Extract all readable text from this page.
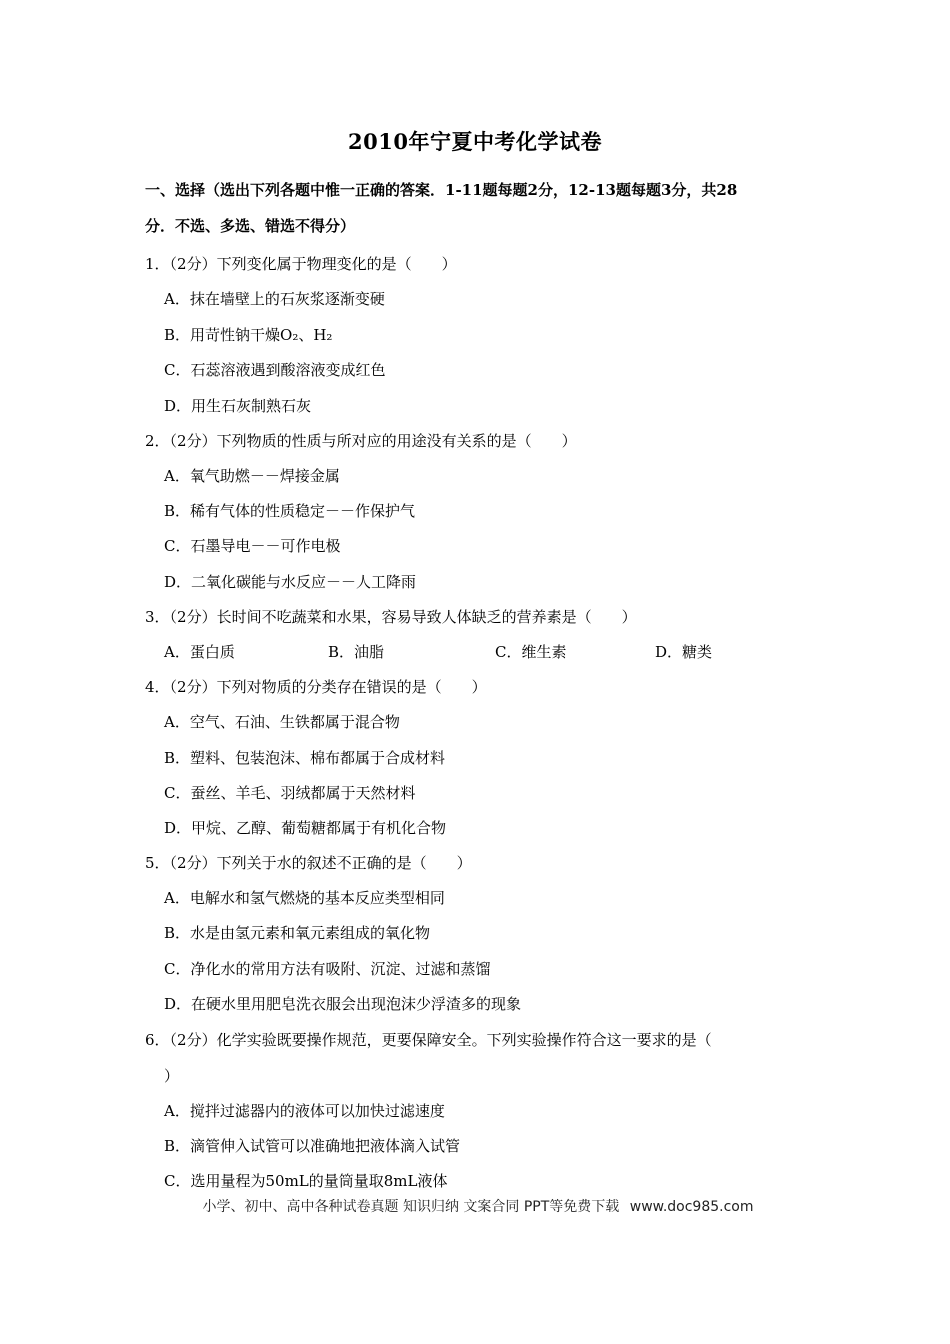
2010年宁夏中考化学试卷
一、选择（选出下列各题中惟一正确的答案．1-11题每题2分，12-13题每题3分，共28
分．不选、多选、错选不得分）
1．（2分）下列变化属于物理变化的是（　　）
A．抹在墙壁上的石灰浆逐渐变硬
B．用苛性钠干燥O₂、H₂
C．石蕊溶液遇到酸溶液变成红色
D．用生石灰制熟石灰
2．（2分）下列物质的性质与所对应的用途没有关系的是（　　）
A．氧气助燃－－焊接金属
B．稀有气体的性质稳定－－作保护气
C．石墨导电－－可作电极
D．二氧化碳能与水反应－－人工降雨
3．（2分）长时间不吃蔬菜和水果，容易导致人体缺乏的营养素是（　　）
A．蛋白质	B．油脂	C．维生素	D．糖类
4．（2分）下列对物质的分类存在错误的是（　　）
A．空气、石油、生铁都属于混合物
B．塑料、包装泡沫、棉布都属于合成材料
C．蚕丝、羊毛、羽绒都属于天然材料
D．甲烷、乙醇、葡萄糖都属于有机化合物
5．（2分）下列关于水的叙述不正确的是（　　）
A．电解水和氢气燃烧的基本反应类型相同
B．水是由氢元素和氧元素组成的氧化物
C．净化水的常用方法有吸附、沉淀、过滤和蒸馏
D．在硬水里用肥皂洗衣服会出现泡沫少浮渣多的现象
6．（2分）化学实验既要操作规范，更要保障安全。下列实验操作符合这一要求的是（
）
A．搅拌过滤器内的液体可以加快过滤速度
B．滴管伸入试管可以准确地把液体滴入试管
C．选用量程为50mL的量筒量取8mL液体
小学、初中、高中各种试卷真题 知识归纳 文案合同 PPT等免费下载 www.doc985.com
